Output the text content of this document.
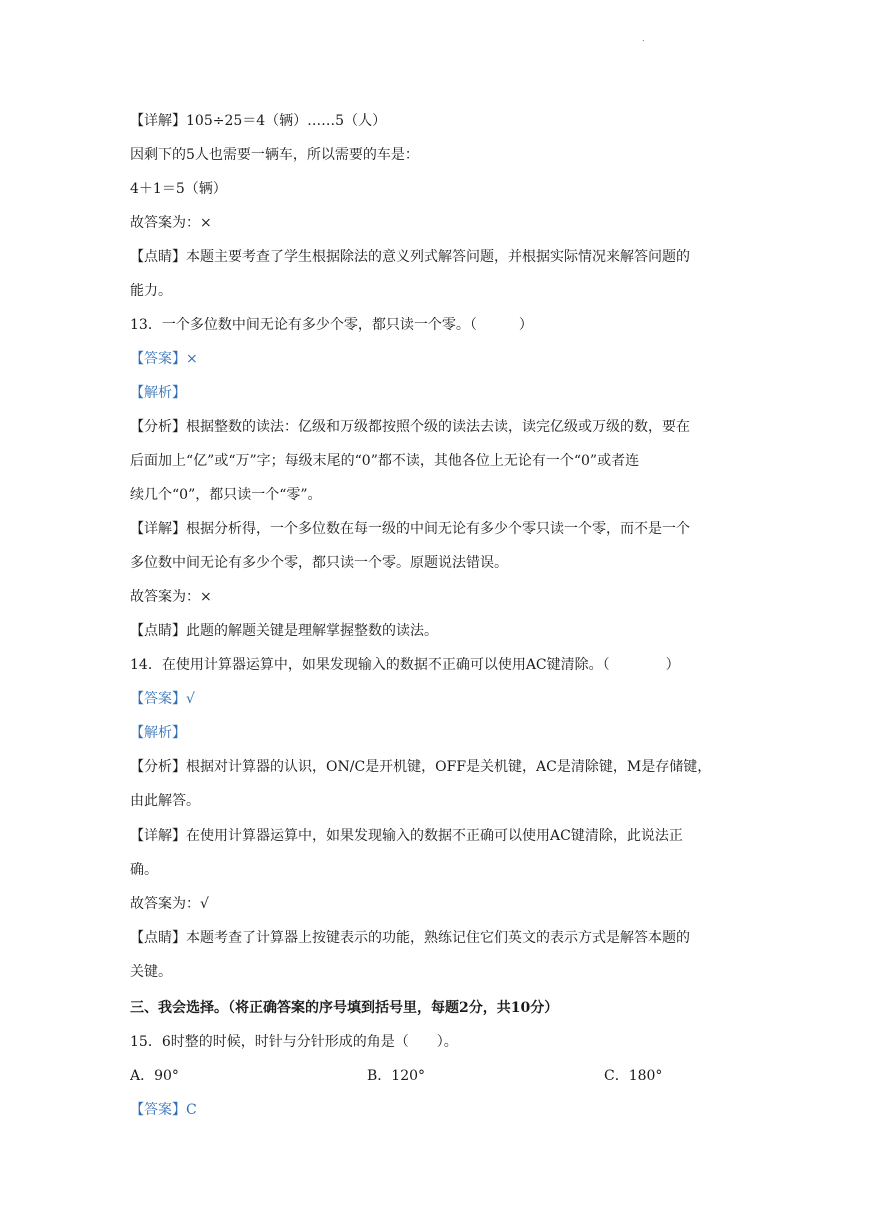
.
【详解】105÷25＝4（辆）……5（人）
因剩下的5人也需要一辆车，所以需要的车是：
4＋1＝5（辆）
故答案为：×
【点睛】本题主要考查了学生根据除法的意义列式解答问题，并根据实际情况来解答问题的
能力。
13．一个多位数中间无论有多少个零，都只读一个零。（　　　）
【答案】×
【解析】
【分析】根据整数的读法：亿级和万级都按照个级的读法去读，读完亿级或万级的数，要在
后面加上“亿”或“万”字；每级末尾的“0”都不读，其他各位上无论有一个“0”或者连
续几个“0”，都只读一个“零”。
【详解】根据分析得，一个多位数在每一级的中间无论有多少个零只读一个零，而不是一个
多位数中间无论有多少个零，都只读一个零。原题说法错误。
故答案为：×
【点睛】此题的解题关键是理解掌握整数的读法。
14．在使用计算器运算中，如果发现输入的数据不正确可以使用AC键清除。（　　　　）
【答案】√
【解析】
【分析】根据对计算器的认识，ON/C是开机键，OFF是关机键，AC是清除键，M是存储键，
由此解答。
【详解】在使用计算器运算中，如果发现输入的数据不正确可以使用AC键清除，此说法正
确。
故答案为：√
【点睛】本题考查了计算器上按键表示的功能，熟练记住它们英文的表示方式是解答本题的
关键。
三、我会选择。（将正确答案的序号填到括号里，每题2分，共10分）
15．6时整的时候，时针与分针形成的角是（　　）。
A．90°	B．120°	C．180°
【答案】C
